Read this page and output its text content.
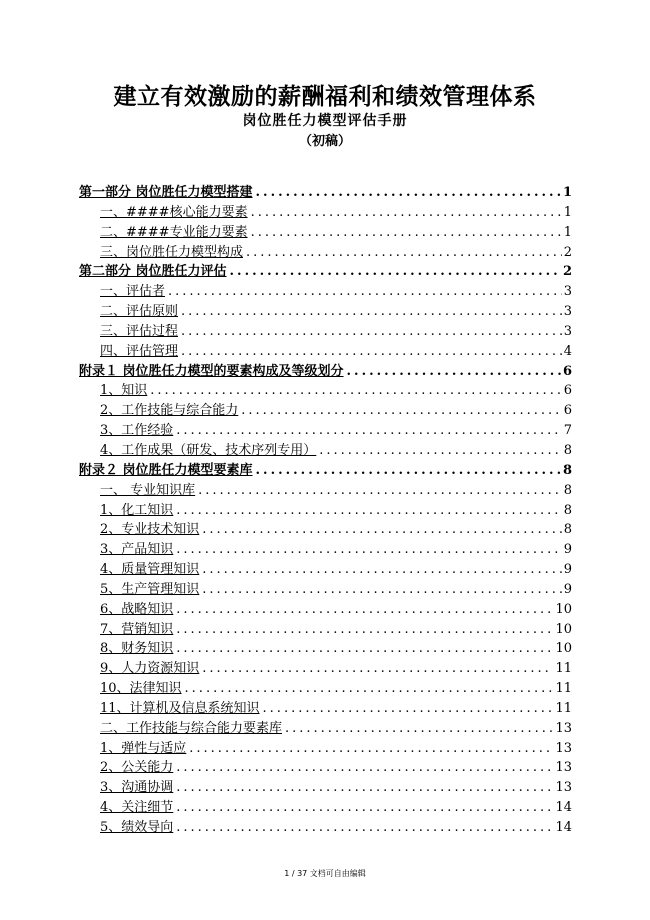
建立有效激励的薪酬福利和绩效管理体系
岗位胜任力模型评估手册
（初稿）
第一部分 岗位胜任力模型搭建 .....	1
一、####核心能力要素 .....	1
二、####专业能力要素 .....	1
三、岗位胜任力模型构成 .....	2
第二部分 岗位胜任力评估 .....	2
一、评估者 .....	3
二、评估原则 .....	3
三、评估过程 .....	3
四、评估管理 .....	4
附录１ 岗位胜任力模型的要素构成及等级划分 .....	6
1、知识 .....	6
2、工作技能与综合能力 .....	6
3、工作经验 .....	7
4、工作成果（研发、技术序列专用） .....	8
附录２ 岗位胜任力模型要素库 .....	8
一、 专业知识库 .....	8
1、化工知识 .....	8
2、专业技术知识 .....	8
3、产品知识 .....	9
4、质量管理知识 .....	9
5、生产管理知识 .....	9
6、战略知识 .....	10
7、营销知识 .....	10
8、财务知识 .....	10
9、人力资源知识 .....	11
10、法律知识 .....	11
11、计算机及信息系统知识 .....	11
二、工作技能与综合能力要素库 .....	13
1、弹性与适应 .....	13
2、公关能力 .....	13
3、沟通协调 .....	13
4、关注细节 .....	14
5、绩效导向 .....	14
1 / 37 文档可自由编辑
